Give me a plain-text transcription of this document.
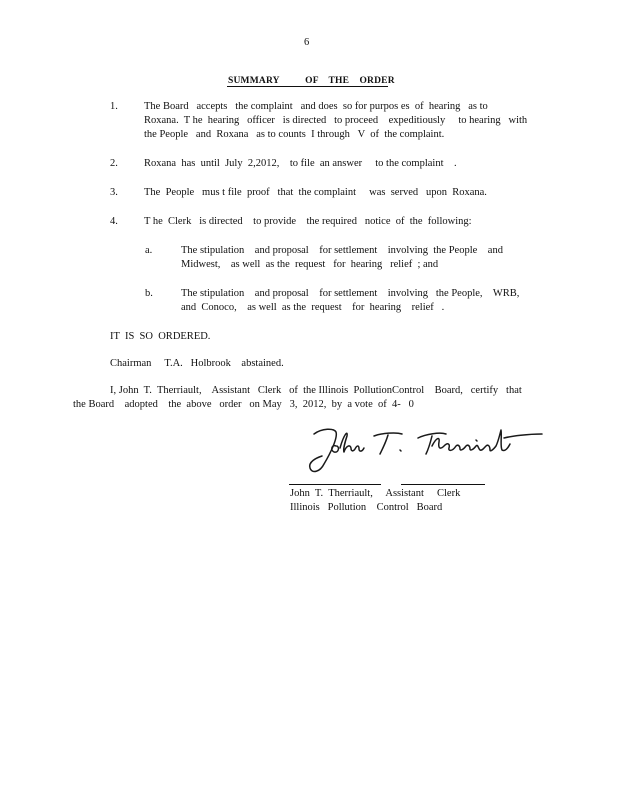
6
SUMMARY          OF    THE    ORDER
1. The Board   accepts   the complaint   and does  so for purpos es  of  hearing   as to
Roxana.  T he  hearing   officer   is directed   to proceed    expeditiously     to hearing   with
the People   and  Roxana   as to counts  I through   V  of  the complaint.
2. Roxana  has  until  July  2,2012,    to file  an answer     to the complaint    .
3. The  People   mus t file  proof   that  the complaint     was  served   upon  Roxana.
4. T he  Clerk   is directed    to provide    the required   notice  of  the  following:
a.	The stipulation    and proposal    for settlement    involving  the People    and
Midwest,    as well  as the  request   for  hearing   relief  ; and
b.	The stipulation    and proposal    for settlement    involving   the People,    WRB,
and  Conoco,    as well  as the  request    for  hearing    relief   .
IT  IS  SO  ORDERED.
Chairman     T.A.   Holbrook    abstained.
I, John  T.  Therriault,    Assistant   Clerk   of  the Illinois  PollutionControl    Board,   certify   that
the Board    adopted    the  above   order   on May   3,  2012,  by  a vote  of  4-   0
John  T.  Therriault,     Assistant     Clerk
Illinois   Pollution    Control   Board
